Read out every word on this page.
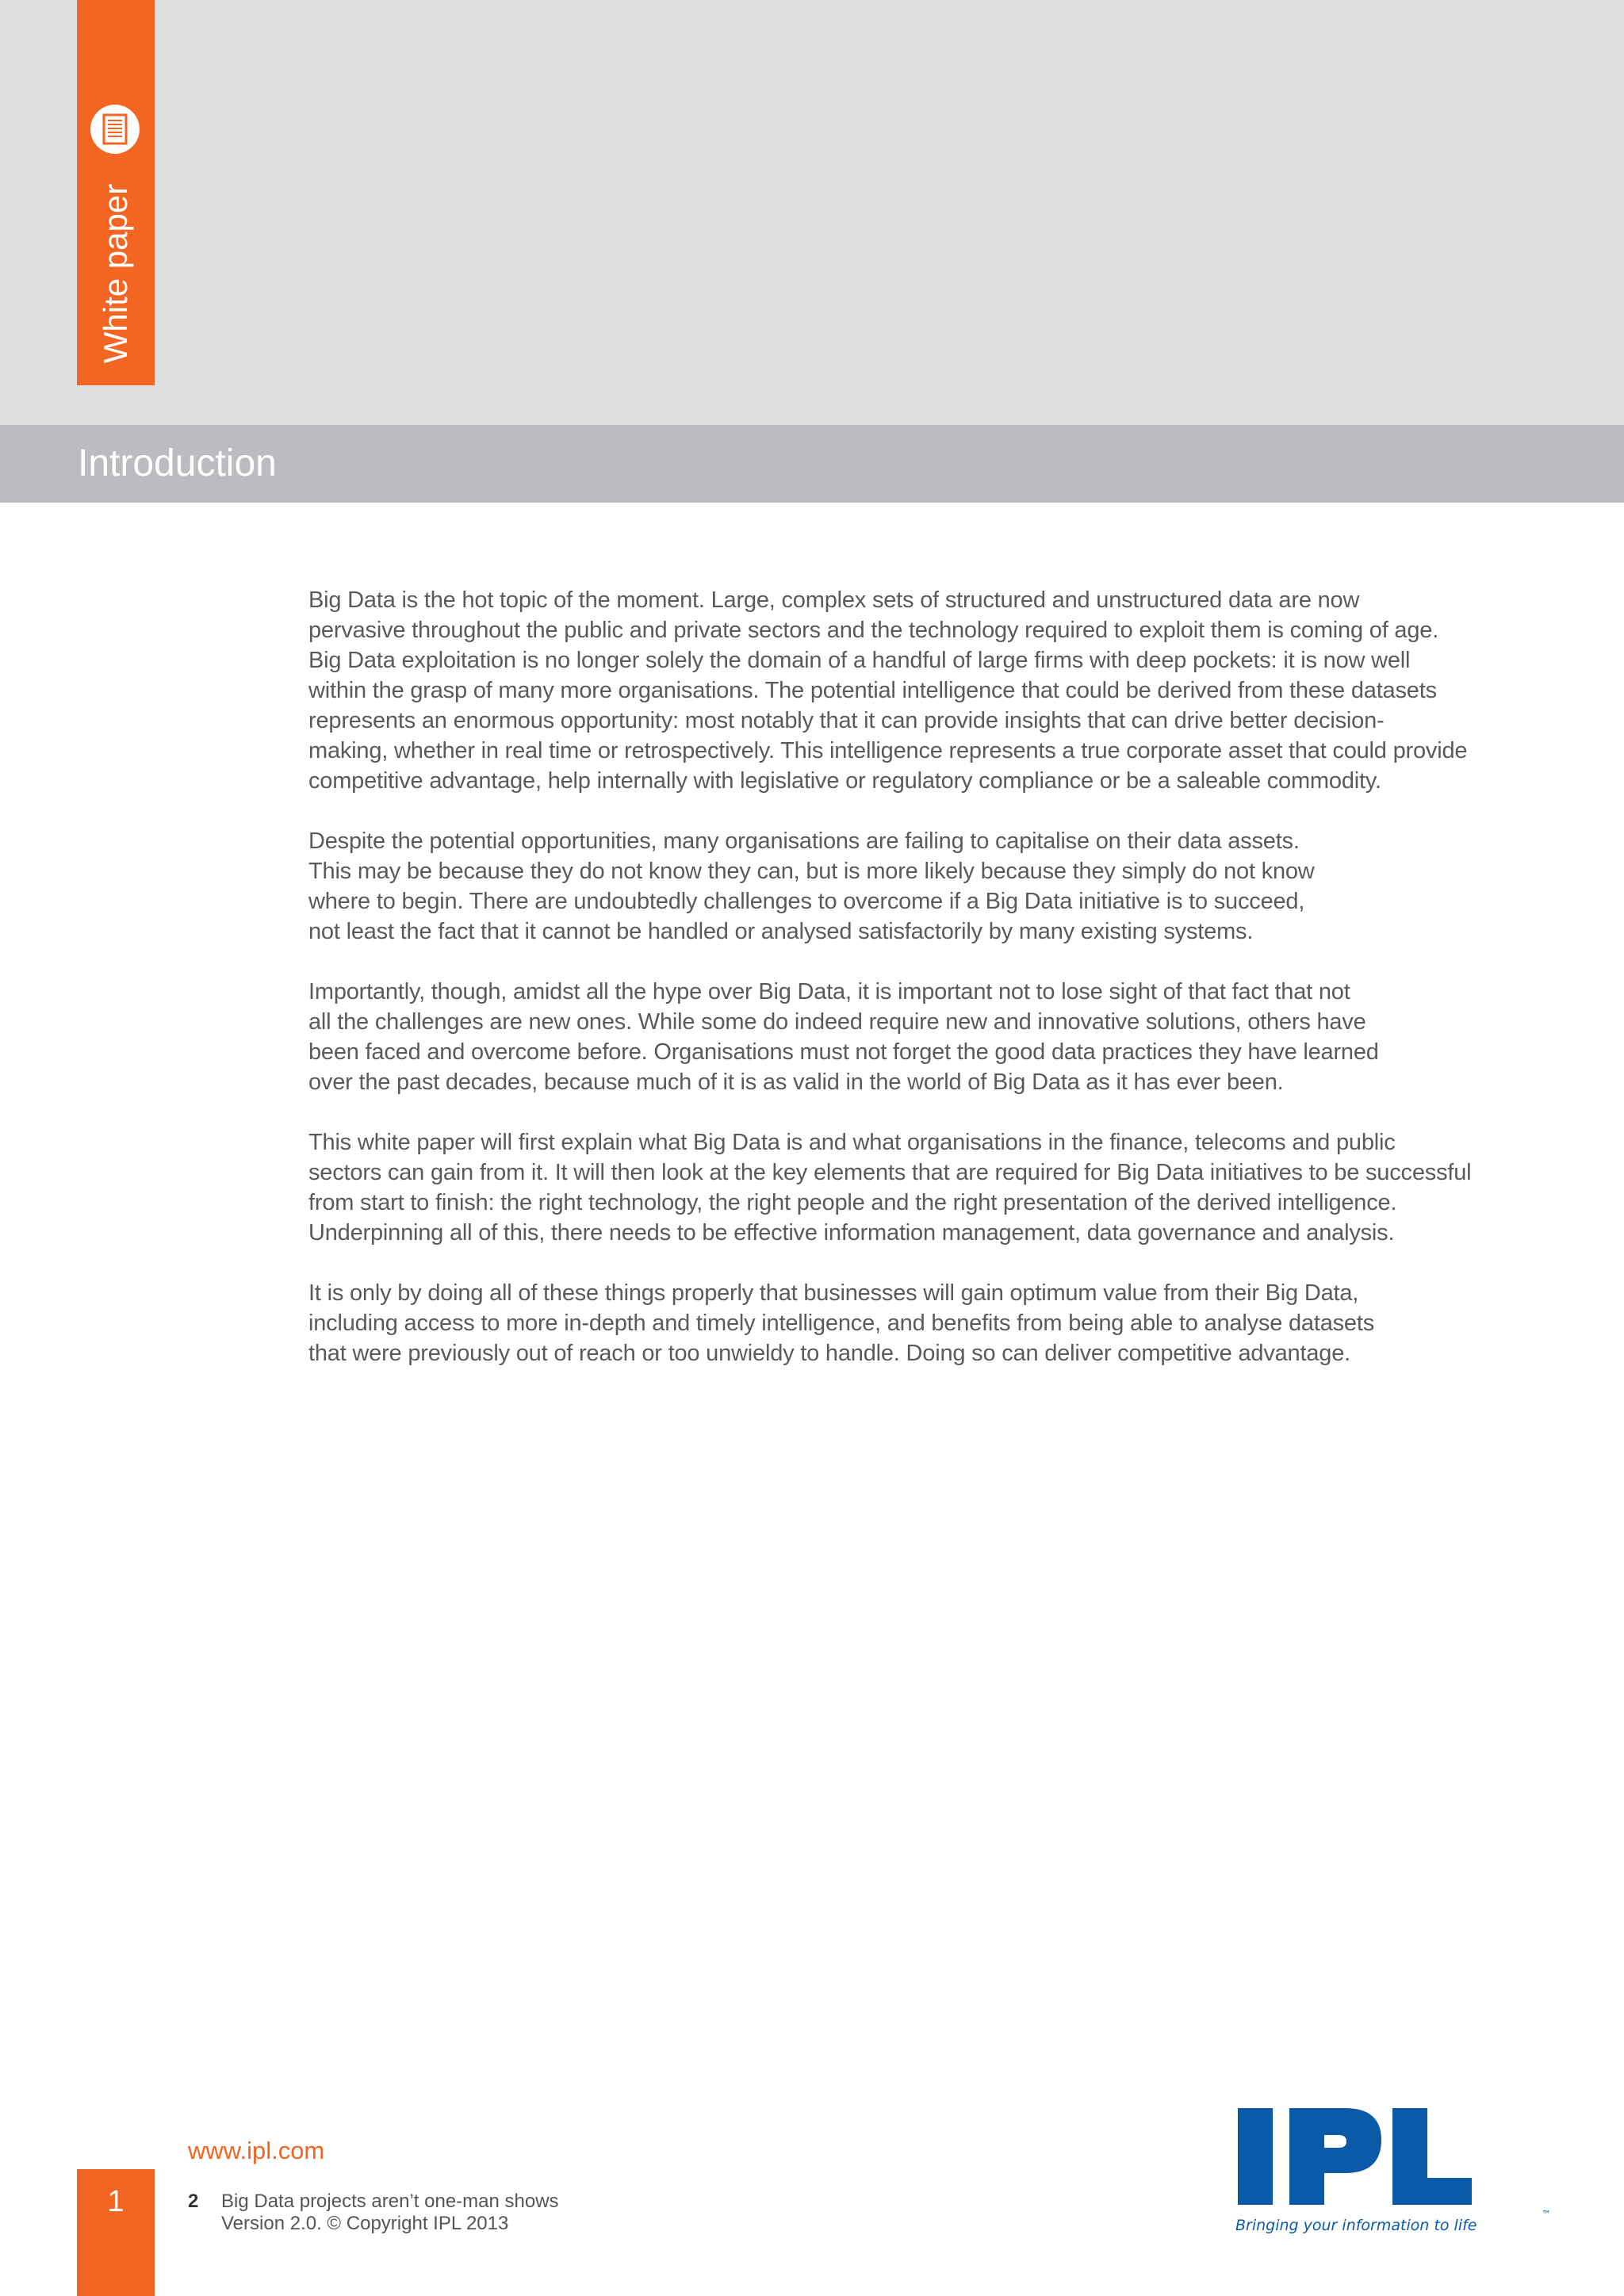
White paper
Introduction

Big Data is the hot topic of the moment. Large, complex sets of structured and unstructured data are now
pervasive throughout the public and private sectors and the technology required to exploit them is coming of age.
Big Data exploitation is no longer solely the domain of a handful of large firms with deep pockets: it is now well
within the grasp of many more organisations. The potential intelligence that could be derived from these datasets
represents an enormous opportunity: most notably that it can provide insights that can drive better decision-
making, whether in real time or retrospectively. This intelligence represents a true corporate asset that could provide
competitive advantage, help internally with legislative or regulatory compliance or be a saleable commodity.

Despite the potential opportunities, many organisations are failing to capitalise on their data assets.
This may be because they do not know they can, but is more likely because they simply do not know
where to begin. There are undoubtedly challenges to overcome if a Big Data initiative is to succeed,
not least the fact that it cannot be handled or analysed satisfactorily by many existing systems.

Importantly, though, amidst all the hype over Big Data, it is important not to lose sight of that fact that not
all the challenges are new ones. While some do indeed require new and innovative solutions, others have
been faced and overcome before. Organisations must not forget the good data practices they have learned
over the past decades, because much of it is as valid in the world of Big Data as it has ever been.

This white paper will first explain what Big Data is and what organisations in the finance, telecoms and public
sectors can gain from it. It will then look at the key elements that are required for Big Data initiatives to be successful
from start to finish: the right technology, the right people and the right presentation of the derived intelligence.
Underpinning all of this, there needs to be effective information management, data governance and analysis.

It is only by doing all of these things properly that businesses will gain optimum value from their Big Data,
including access to more in-depth and timely intelligence, and benefits from being able to analyse datasets
that were previously out of reach or too unwieldy to handle. Doing so can deliver competitive advantage.

www.ipl.com
1	2 Big Data projects aren’t one-man shows
Version 2.0. © Copyright IPL 2013	Bringing your information to life
™
